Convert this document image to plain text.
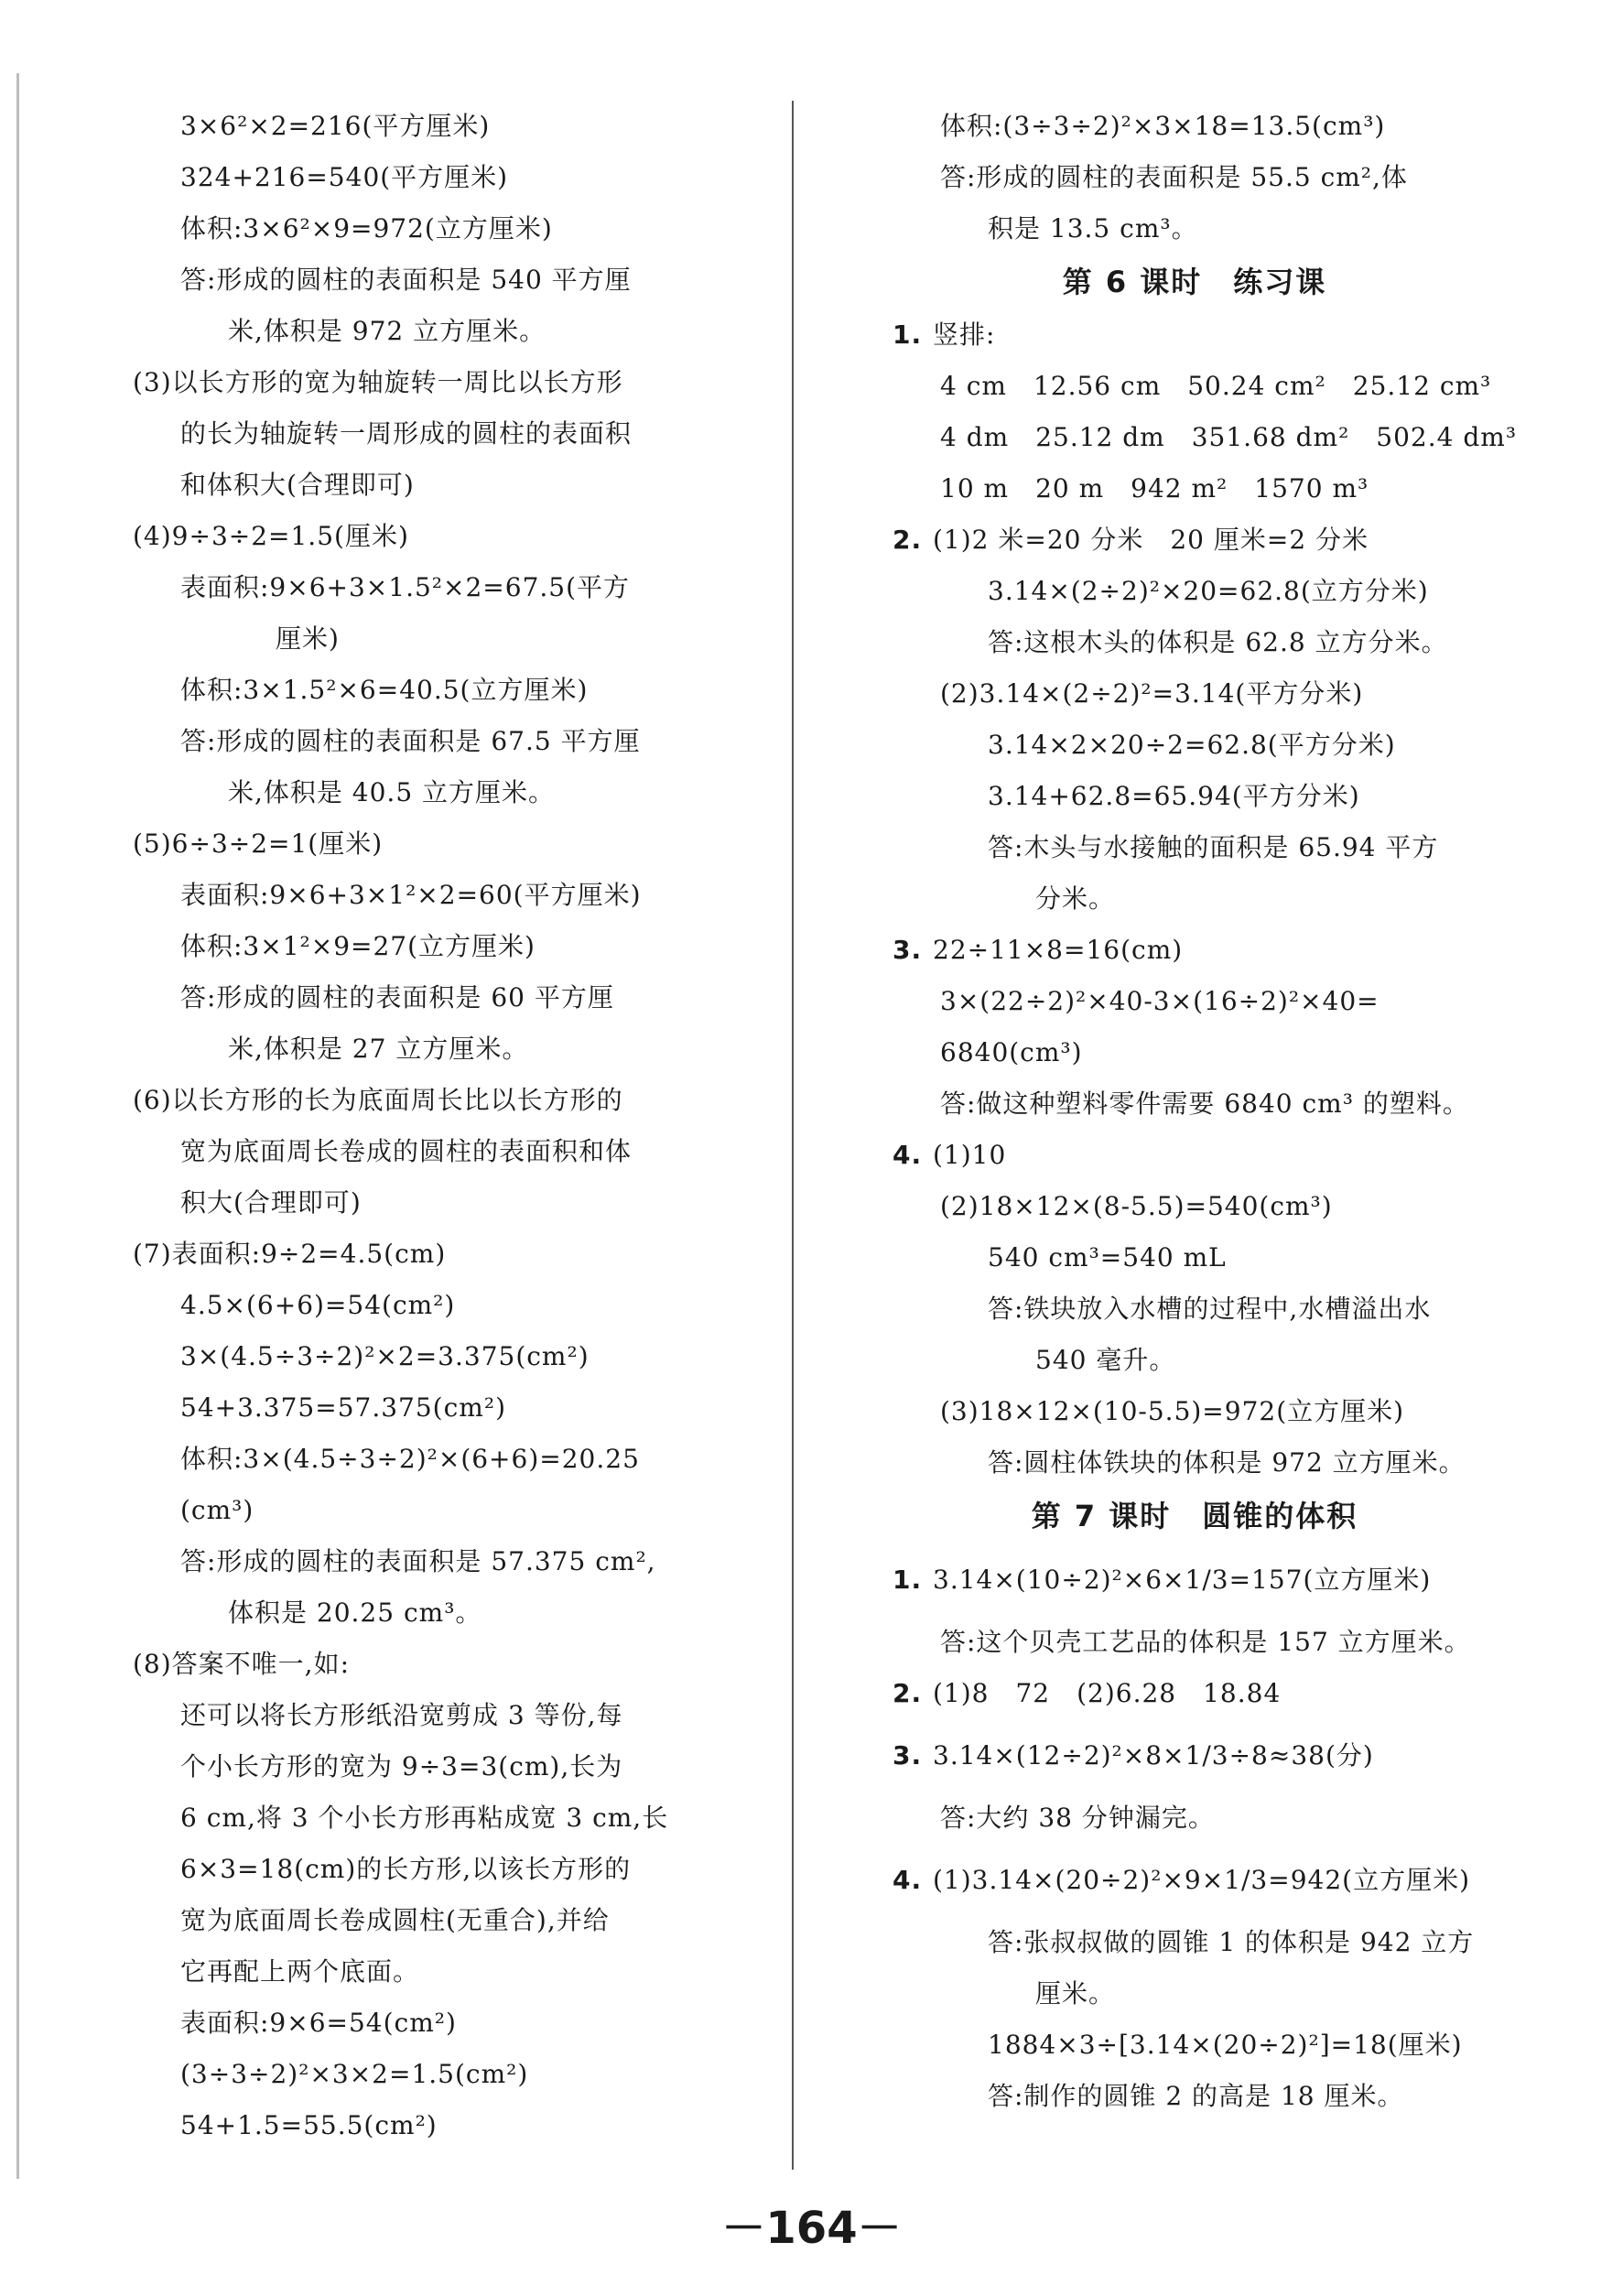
3×6²×2=216(平方厘米)
324+216=540(平方厘米)
体积:3×6²×9=972(立方厘米)
答:形成的圆柱的表面积是 540 平方厘
米,体积是 972 立方厘米。
(3)以长方形的宽为轴旋转一周比以长方形
的长为轴旋转一周形成的圆柱的表面积
和体积大(合理即可)
(4)9÷3÷2=1.5(厘米)
表面积:9×6+3×1.5²×2=67.5(平方
厘米)
体积:3×1.5²×6=40.5(立方厘米)
答:形成的圆柱的表面积是 67.5 平方厘
米,体积是 40.5 立方厘米。
(5)6÷3÷2=1(厘米)
表面积:9×6+3×1²×2=60(平方厘米)
体积:3×1²×9=27(立方厘米)
答:形成的圆柱的表面积是 60 平方厘
米,体积是 27 立方厘米。
(6)以长方形的长为底面周长比以长方形的
宽为底面周长卷成的圆柱的表面积和体
积大(合理即可)
(7)表面积:9÷2=4.5(cm)
4.5×(6+6)=54(cm²)
3×(4.5÷3÷2)²×2=3.375(cm²)
54+3.375=57.375(cm²)
体积:3×(4.5÷3÷2)²×(6+6)=20.25
(cm³)
答:形成的圆柱的表面积是 57.375 cm²,
体积是 20.25 cm³。
(8)答案不唯一,如:
还可以将长方形纸沿宽剪成 3 等份,每
个小长方形的宽为 9÷3=3(cm),长为
6 cm,将 3 个小长方形再粘成宽 3 cm,长
6×3=18(cm)的长方形,以该长方形的
宽为底面周长卷成圆柱(无重合),并给
它再配上两个底面。
表面积:9×6=54(cm²)
(3÷3÷2)²×3×2=1.5(cm²)
54+1.5=55.5(cm²)
体积:(3÷3÷2)²×3×18=13.5(cm³)
答:形成的圆柱的表面积是 55.5 cm²,体
积是 13.5 cm³。
第 6 课时　练习课
1. 竖排:
4 cm　12.56 cm　50.24 cm²　25.12 cm³
4 dm　25.12 dm　351.68 dm²　502.4 dm³
10 m　20 m　942 m²　1570 m³
2. (1)2 米=20 分米　20 厘米=2 分米
3.14×(2÷2)²×20=62.8(立方分米)
答:这根木头的体积是 62.8 立方分米。
(2)3.14×(2÷2)²=3.14(平方分米)
3.14×2×20÷2=62.8(平方分米)
3.14+62.8=65.94(平方分米)
答:木头与水接触的面积是 65.94 平方
分米。
3. 22÷11×8=16(cm)
3×(22÷2)²×40-3×(16÷2)²×40=
6840(cm³)
答:做这种塑料零件需要 6840 cm³ 的塑料。
4. (1)10
(2)18×12×(8-5.5)=540(cm³)
540 cm³=540 mL
答:铁块放入水槽的过程中,水槽溢出水
540 毫升。
(3)18×12×(10-5.5)=972(立方厘米)
答:圆柱体铁块的体积是 972 立方厘米。
第 7 课时　圆锥的体积
1. 3.14×(10÷2)²×6×1/3=157(立方厘米)
答:这个贝壳工艺品的体积是 157 立方厘米。
2. (1)8　72　(2)6.28　18.84
3. 3.14×(12÷2)²×8×1/3÷8≈38(分)
答:大约 38 分钟漏完。
4. (1)3.14×(20÷2)²×9×1/3=942(立方厘米)
答:张叔叔做的圆锥 1 的体积是 942 立方
厘米。
1884×3÷[3.14×(20÷2)²]=18(厘米)
答:制作的圆锥 2 的高是 18 厘米。
－164－
